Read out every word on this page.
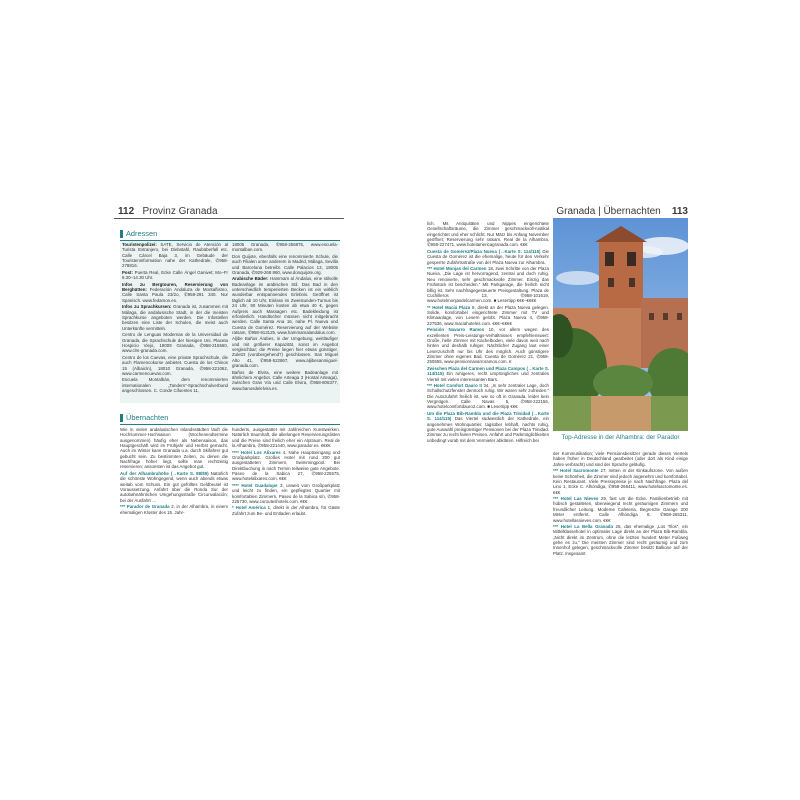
112 Provinz Granada
Adressen

Touristenpolizei: SATE, Servicio de Atención al Turista Extranjero, bei Diebstahl, Raubüberfall etc. Calle Cárcel Baja 3, im Gebäude der Touristeninformation nahe der Kathedrale, ✆958-278816.

Post: Puerta Real, Ecke Calle Ángel Ganivet; Mo–Fr 8.30–14.30 Uhr.

Infos zu Bergtouren, Reservierung von Berghütten: Federación Andaluza de Montañismo, Calle Santa Paula 23/2o, ✆958-291 340. Nur Spanisch. www.fedamon.es.

Infos zu Sprachkursen: Granada ist, zusammen mit Málaga, die andalusische Stadt, in der die meisten Sprachkurse angeboten werden. Die Infostellen besitzen eine Liste der Schulen, die meist auch Unterkünfte vermitteln.

Centro de Lenguas Modernas de la Universidad de Granada, die Sprachschule der hiesigen Uni. Placeta Hospicio Viejo, 18009 Granada, ✆958-215660, www.clm-granada.com.

Centro de los Cuevas, eine private Sprachschule, die auch Flamencokurse anbietet. Cuesta de los Chinos 15 (Albaicín), 18010 Granada, ✆958-221062, www.carmencuevas.com.

Escuela Montalbán, dem renommierten internationalen „Tandem“-Sprachschulverbund angeschlossen. C. Conde Cifuentes 11,

18005 Granada, ✆958-256875, www.escuela-montalban.com.

Don Quijote, ebenfalls eine renommierte Schule, die auch Filialen unter anderem in Madrid, Málaga, Sevilla und Barcelona betreibt. Calle Palacios 13, 18005 Granada, ✆929-268 860, www.donquijote.org.

Arabische Bäder: Hammam al Ándalus, eine stilvolle Badeanlage im arabischen Stil. Das Bad in den unterschiedlich temperierten Becken ist ein wirklich wunderbar entspannendes Erlebnis. Geöffnet ist täglich ab 10 Uhr, Einlass im Zweistunden-Turnus bis 24 Uhr, 90 Minuten kosten ab etwa 40 €, gegen Aufpreis auch Massagen etc. Badekleidung ist erforderlich. Handtücher müssen nicht mitgebracht werden. Calle Santa Ana 16, nahe Pl. Nueva und Cuesta de Gomérez. Reservierung auf der Website ratsam, ✆958-913125, www.hammamalandalus.com.

Aljibe Baños Árabes, in der Umgebung, weitläufiger und mit größerer Kapazität, sonst im Angebot vergleichbar; die Preise liegen hier etwas günstiger. Zuletzt (vorübergehend?) geschlossen. San Miguel Alto 41, ✆958-522867, www.aljibesanmiguel-granada.com.

Baños de Elvira, eine weitere Badeanlage mit ähnlichem Angebot. Calle Arteaga 3 (Hostal Arteaga), zwischen Gran Vía und Calle Elvira, ✆958-806377, www.banosdelelvira.es.

Übernachten

Wie in vielen andalusischen Inlandsstädten läuft die Hochsommer-Hochsaison (Wochenendtermine ausgenommen) häufig eher als Nebensaison, das Hauptgeschäft wird im Frühjahr und Herbst gemacht. Auch im Winter kann Granada u.a. durch Skifahrer gut gebucht sein. Zu bestimmten Zeiten, zu denen die Nachfrage höher liegt, sollte man rechtzeitig reservieren; ansonsten ist das Angebot gut.

Auf der Alhambrahöhe (→Karte S. 88/89) Natürlich die schönste Wohngegend, wenn auch abends etwas weitab vom Schuss. Ein gut gefülltes Geldbeutel ist Voraussetzung. Anfahrt über die Ronda Sur der autobahnähnlichen Umgehungsstraße Circunvalación; bei der Ausfahrt …

*** Parador de Granada 2, in der Alhambra, in einem ehemaligen Kloster des 15. Jahr-

hunderts, ausgestattet mit zahlreichen Kunstwerken. Natürlich traumhaft, die allerlangen Reservierungslisten und die Preise sind freilich eher ein Alptraum. Real de la Alhambra, ✆958-221440, www.parador.es. €€€€

**** Hotel Los Alixares 4, Nahe Hauptseingang und Großparkplatz. Großes Hotel mit rund 200 gut ausgestatteten Zimmern, Swimmingpool. Bei Direktbuchung in nach Termin teilweise gute Angebote. Paseo de la Sabica 27, ✆958-225575, www.hotelalixares.com. €€€

**** Hotel Guadalupe 3, unweit vom Großparkplatz und leicht zu finden, ein gepflegtes Quartier mit komfortablen Zimmern. Paseo de la Sabica s/n, ✆958-225730, www.corouteshotels.com. €€€

* Hotel América 1, direkt in der Alhambra, für Gäste Zufahrt zum Be- und Entladen erlaubt.

Granada | Übernachten 113

lich. Mit Antiquitäten und Nippes eingerichtete Gesellschaftsräume, die Zimmer geschmackvoll-rustikal eingerichtet und eher schlicht. Nur März bis Anfang November geöffnet; Reservierung sehr ratsam. Real de la Alhambra, ✆958-227471, www.hotelamericagranada.com. €€€

Cuesta de Gomérez/Plaza Nueva (→Karte S. 114/115) Die Cuesta de Gomérez ist die ehemalige, heute für den Verkehr gesperrte Zufahrtsstraße von der Plaza Nueva zur Alhambra.

*** Hotel Monjas del Carmen 18, zwei Schritte von der Plaza Nueva. „Die Lage ist hervorragend, zentral und doch ruhig. Neu renovierte, sehr geschmackvolle Zimmer. Einzig das Frühstück ist bescheiden.“ Mit Parkgarage, die freilich nicht billig ist. Sehr nachfragegesteuerte Preisgestaltung. Plaza de Cuchilleros 13, ✆958-101619, www.hotelmonjasdelcarmen.com. ■ Lesertipp €€€–€€€€

** Hotel Maciá Plaza 8, direkt an der Plaza Nueva gelegen. Solide, komfortabel eingerichtete Zimmer mit TV und Klimaanlage, von Lesern gelobt. Plaza Nueva 4, ✆958-227536, www.maciahoteles.com. €€€–€€€€

Pensión Navarro Ramos 10, vor allem wegen des exzellenten Preis-Leistungs-Verhältnisses empfehlenswert: Große, helle Zimmer mit Kachelboden, viele davon weit nach hinten und deshalb ruhiger. Nächtlicher Zugang laut einer Leserzuschrift nur bis Uhr des möglich. Auch günstigere Zimmer ohne eigenes Bad. Cuesta de Gomérez 21, ✆958-250555, www.pensionnavarroramos.com. €

Zwischen Plaza del Carmen und Plaza Campos (→Karte S. 114/115) Ein ruhigeres, recht ursprüngliches und zentrales Viertel mit vielen interessanten Bars.

*** Hotel Comfort Dauro II 34, „In sehr zentraler Lage, doch Schallschutzfenster dennoch ruhig. Wir waren sehr zufrieden.“ Die Autozufahrt freilich ist, wie so oft in Granada, leider kein Vergnügen. Calle Navas 5, ✆958-222156, www.hotelcomfortdauro2.com. ■ Lesertipp €€€

Um die Plaza Bib-Rambla und die Plaza Trinidad (→Karte S. 114/115) Das Viertel südwestlich der Kathedrale, ein angenehmes Wohnquartier, tagsüber lebhaft, nachts ruhig, gute Auswahl preisgünstiger Pensionen bei der Plaza Trinidad. Zimmer zu recht fairen Preisen. Anfahrt und Parkmöglichkeiten unbedingt vorab mit dem Vermieter abklären. Hilfreich bei	Top-Adresse in der Alhambra: der Parador

der Kommunikation; viele Pensionsbesitzer gerade dieses Viertels haben früher in Deutschland gearbeitet (oder dort als Kind einige Jahre verbracht) und sind der Sprache geläufig.

*** Hotel Sacromonte 27, mitten in der Einkaufszone. Von außen keine Schönheit, die Zimmer sind jedoch angenehm und komfortabel. Kein Restaurant. Viele Pressepreise je nach Nachfrage. Plaza del Lino 1, Ecke C. Alhóndiga, ✆958-266411, www.hotelsacromonte.es. €€€

*** Hotel Las Nieves 29, fast um die Ecke. Familienbetrieb mit hübsch gestalteten, überwiegend recht geräumigen Zimmern und freundlicher Leitung. Moderne Cafeteria. Begrenzte Garage 200 Meter entfernt. Calle Alhóndiga 8, ✆958-265311, www.hotellasnieves.com. €€€

*** Hotel La Bella Granada 26, das ehemalige „Los Tilos“, ein Mittelklassehotel in optimaler Lage direkt an der Plaza Bib-Rambla. „Nicht direkt im Zentrum, ohne die letzten hundert Meter Fußweg gehe es zu.“ Die meisten Zimmer sind recht geräumig und zum Innenhof gelegen, geschmackvolle Zimmer besitzt Balkone auf der Platz. Insgesamt
